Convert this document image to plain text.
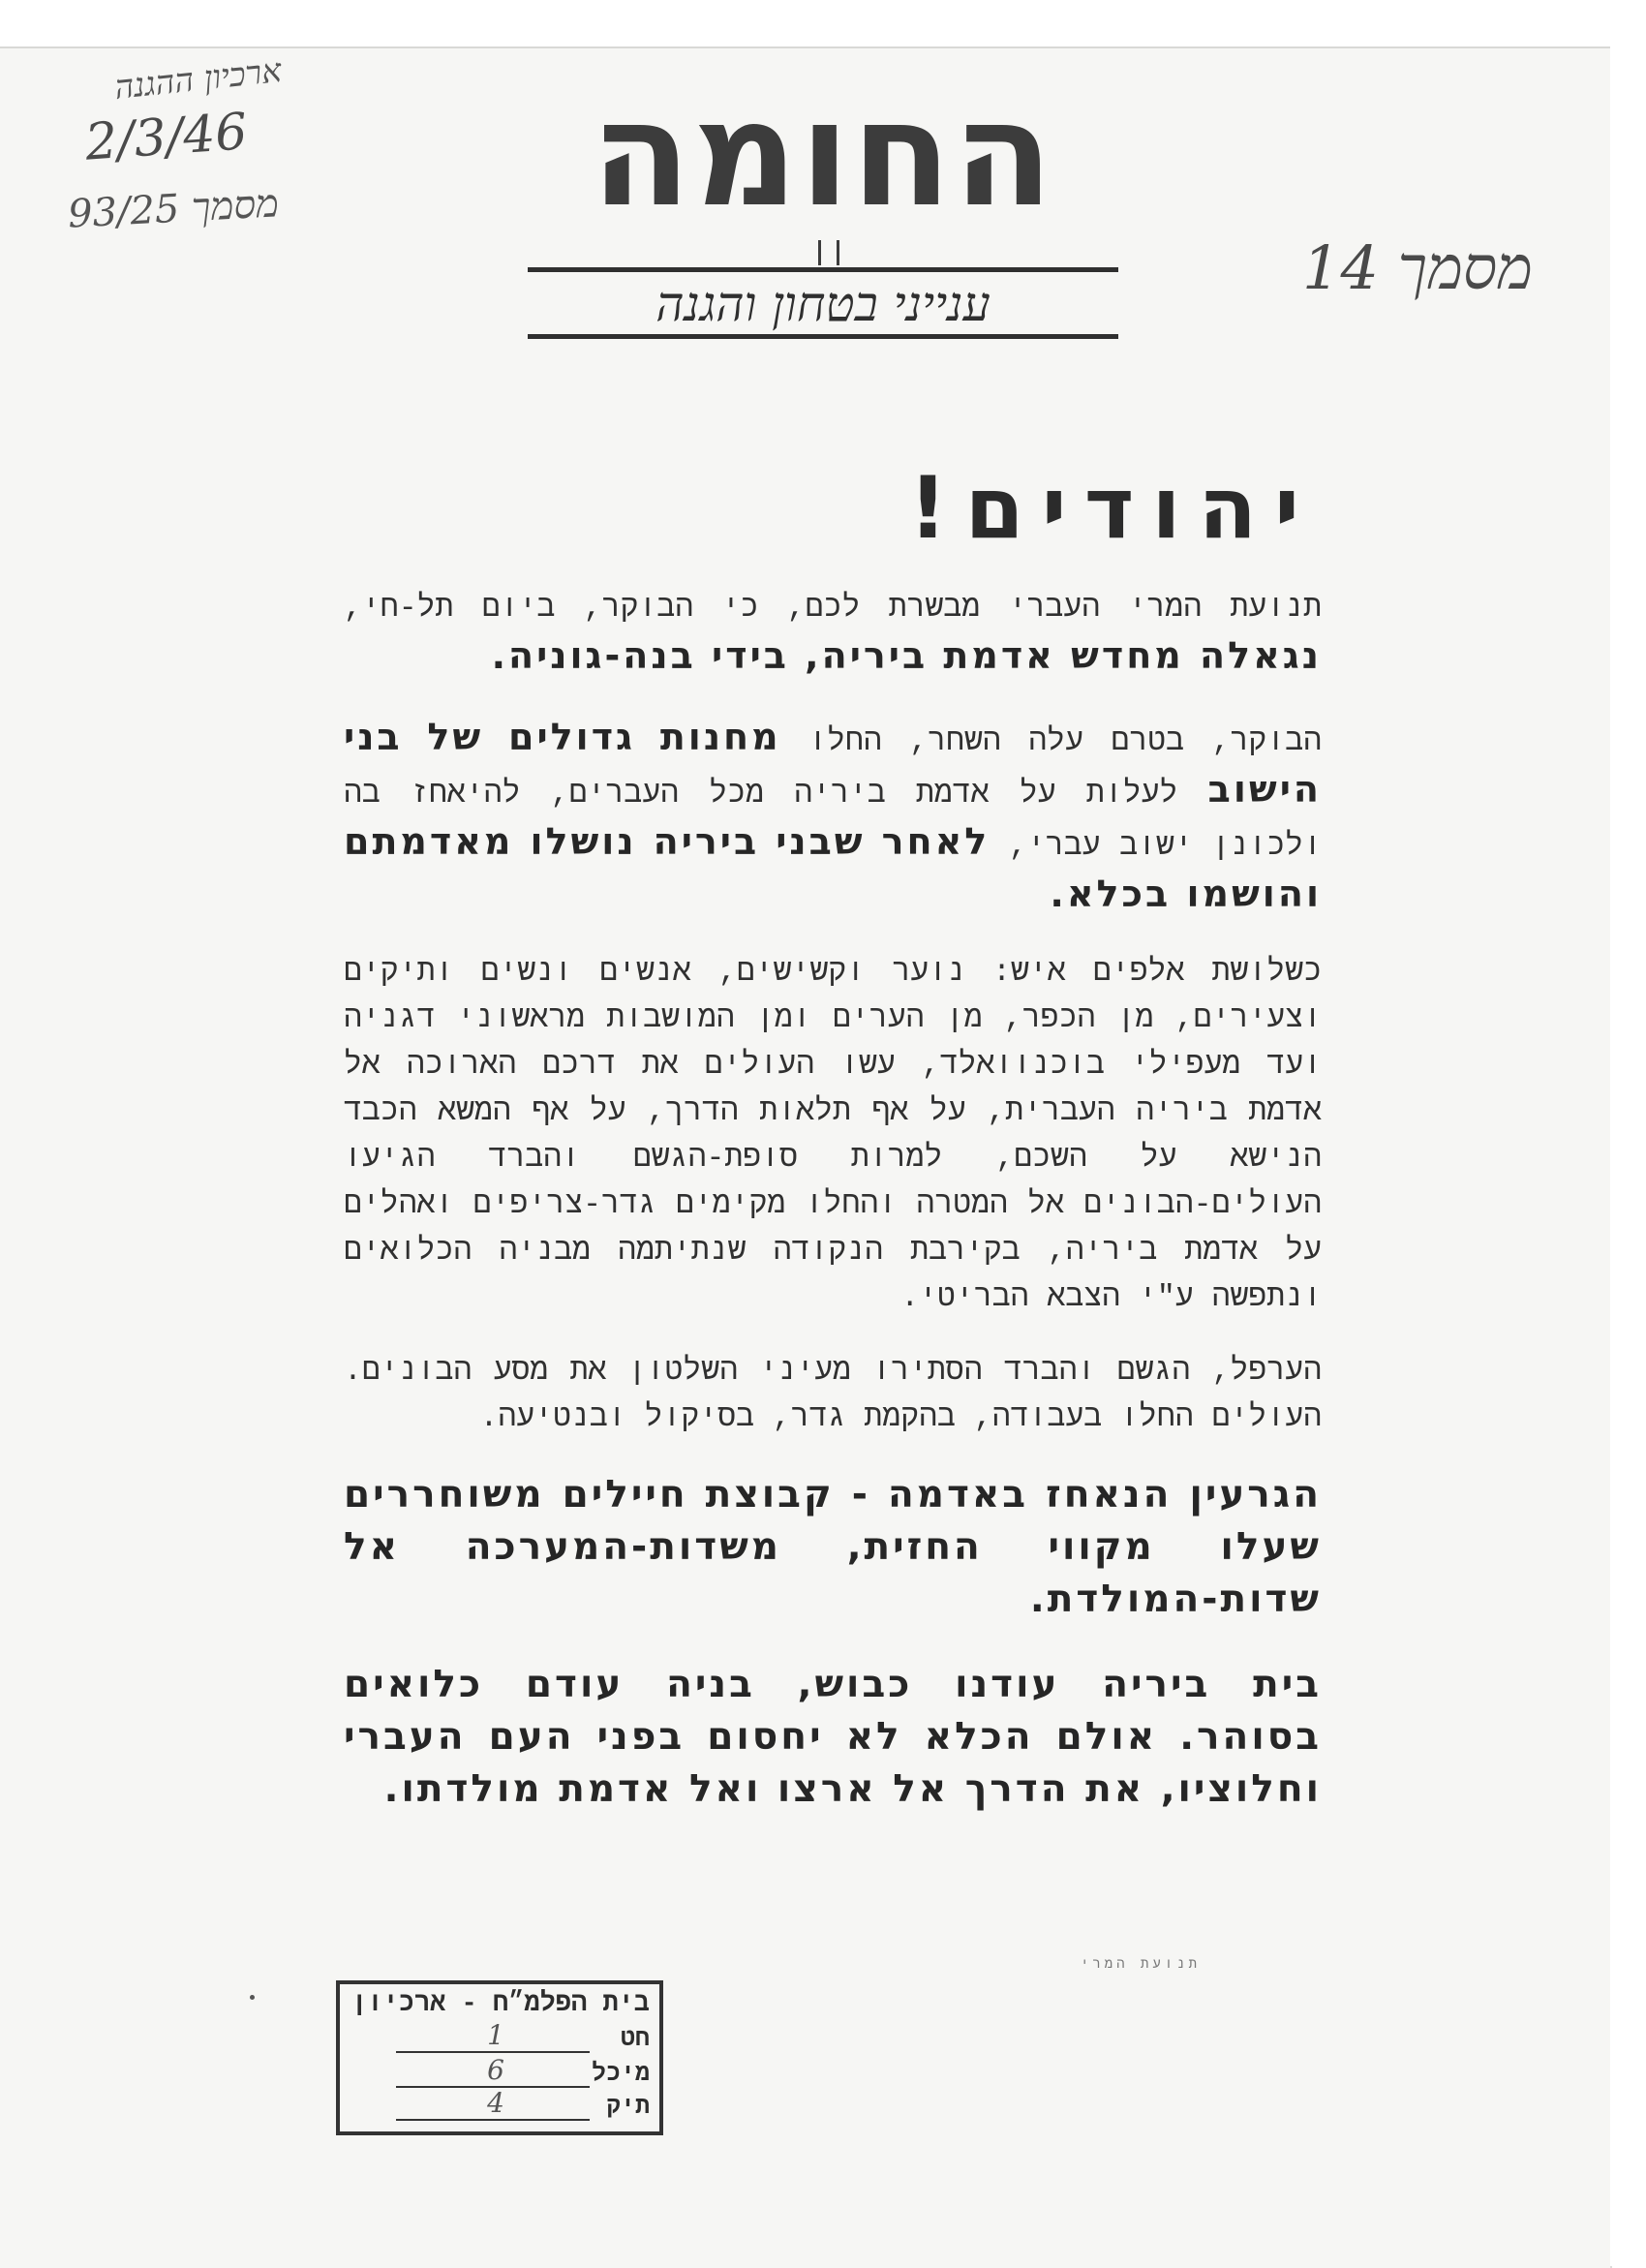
ארכיון ההגנה
2/3/46
מסמך 93/25
מסמך 14
החומה
ענייני בטחון והגנה
יהודים!

תנועת המרי העברי מבשרת לכם, כי הבוקר, ביום תל-חי, נגאלה מחדש אדמת ביריה, בידי בנה-גוניה.

הבוקר, בטרם עלה השחר, החלו מחנות גדולים של בני הישוב לעלות על אדמת ביריה מכל העברים, להיאחז בה ולכונן ישוב עברי, לאחר שבני ביריה נושלו מאדמתם והושמו בכלא.

כשלושת אלפים איש: נוער וקשישים, אנשים ונשים ותיקים וצעירים, מן הכפר, מן הערים ומן המושבות מראשוני דגניה ועד מעפילי בוכנוואלד, עשו העולים את דרכם הארוכה אל אדמת ביריה העברית, על אף תלאות הדרך, על אף המשא הכבד הנישא על השכם, למרות סופת-הגשם והברד הגיעו העולים-הבונים אל המטרה והחלו מקימים גדר-צריפים ואהלים על אדמת ביריה, בקירבת הנקודה שנתיתמה מבניה הכלואים ונתפשה ע"י הצבא הבריטי.

הערפל, הגשם והברד הסתירו מעיני השלטון את מסע הבונים. העולים החלו בעבודה, בהקמת גדר, בסיקול ובנטיעה.

הגרעין הנאחז באדמה - קבוצת חיילים משוחררים שעלו מקווי החזית, משדות-המערכה אל שדות-המולדת.

בית ביריה עודנו כבוש, בניה עודם כלואים בסוהר. אולם הכלא לא יחסום בפני העם העברי וחלוציו, את הדרך אל ארצו ואל אדמת מולדתו.

תנועת המרי
בית הפלמ״ח - ארכיון
חט
1
מיכל
6
תיק
4
